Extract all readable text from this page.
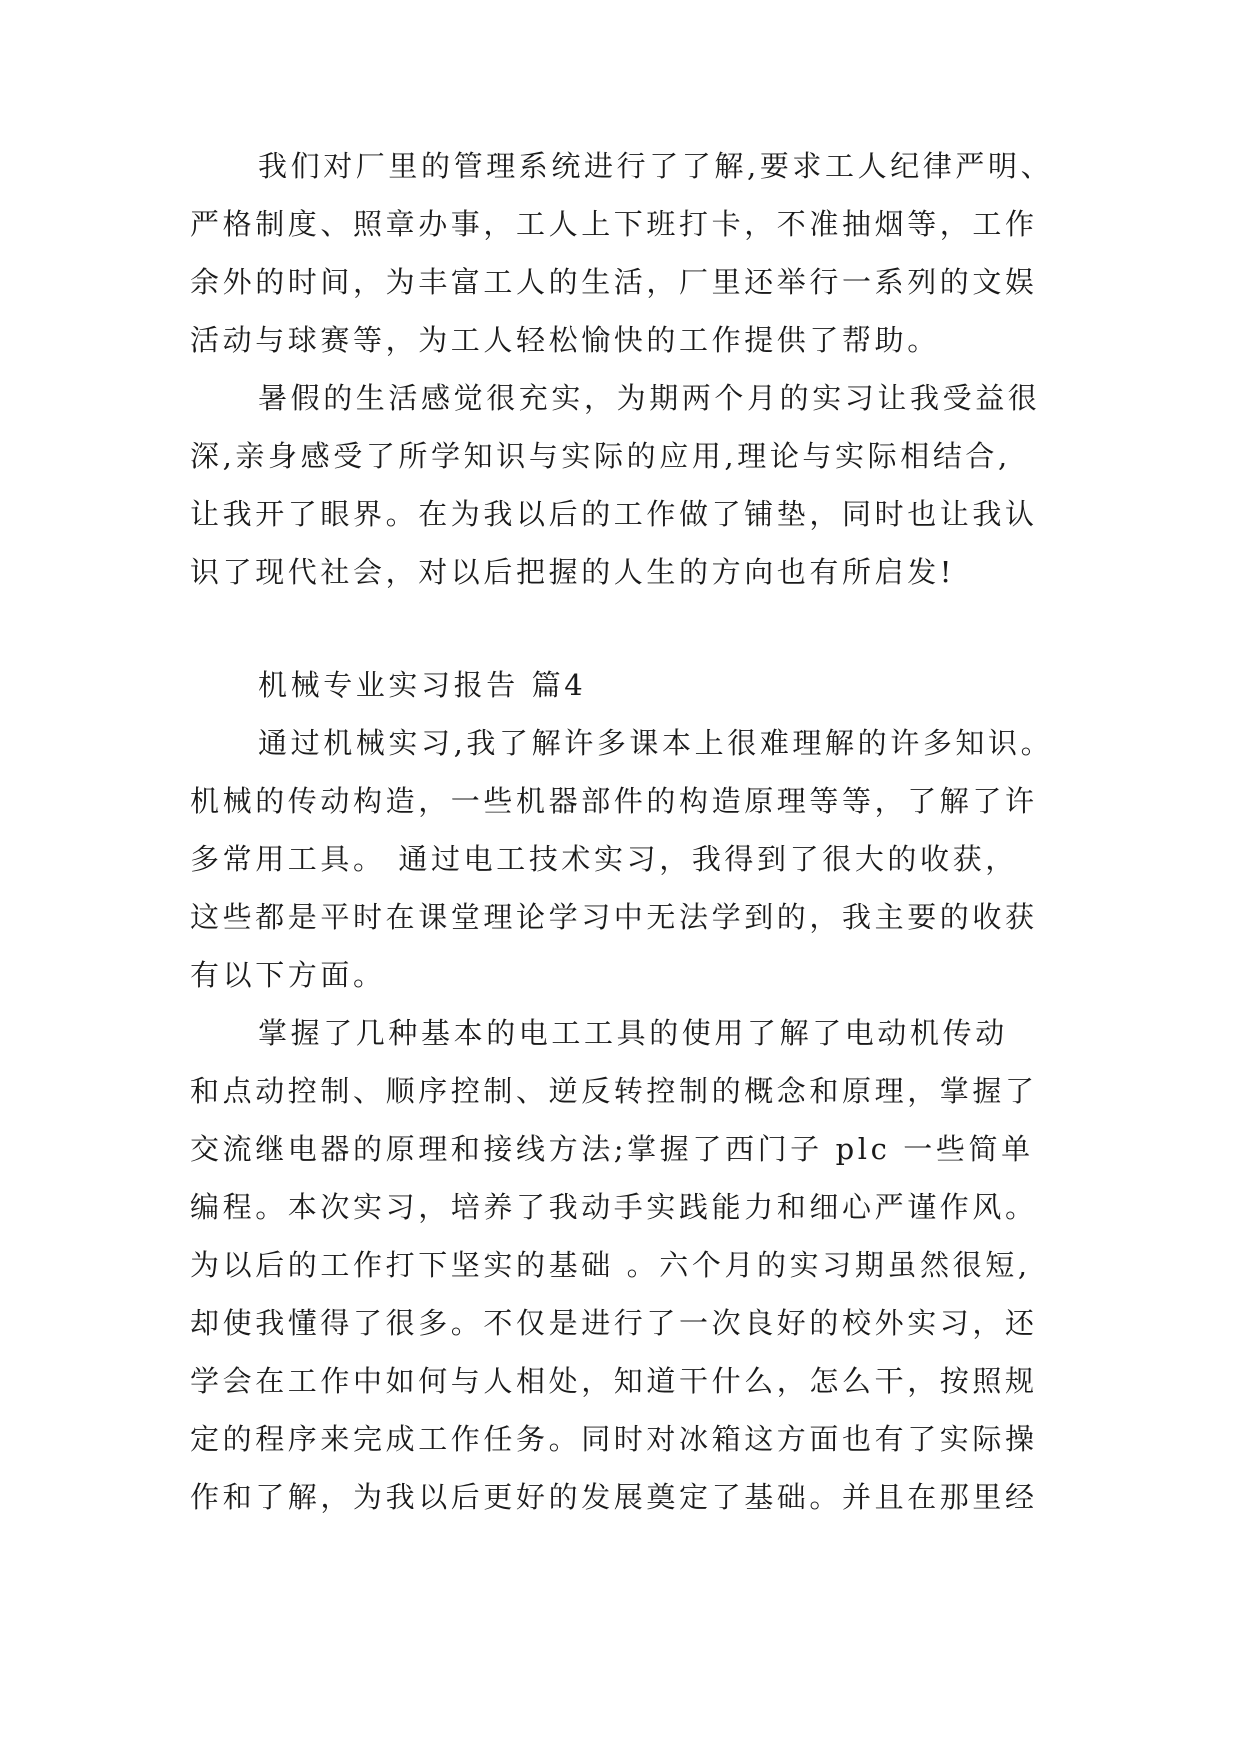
我们对厂里的管理系统进行了了解,要求工人纪律严明、
严格制度、照章办事，工人上下班打卡，不准抽烟等，工作
余外的时间，为丰富工人的生活，厂里还举行一系列的文娱
活动与球赛等，为工人轻松愉快的工作提供了帮助。
暑假的生活感觉很充实，为期两个月的实习让我受益很
深,亲身感受了所学知识与实际的应用,理论与实际相结合,
让我开了眼界。在为我以后的工作做了铺垫，同时也让我认
识了现代社会，对以后把握的人生的方向也有所启发!
机械专业实习报告 篇4
通过机械实习,我了解许多课本上很难理解的许多知识。
机械的传动构造，一些机器部件的构造原理等等，了解了许
多常用工具。 通过电工技术实习，我得到了很大的收获，
这些都是平时在课堂理论学习中无法学到的，我主要的收获
有以下方面。
掌握了几种基本的电工工具的使用了解了电动机传动
和点动控制、顺序控制、逆反转控制的概念和原理，掌握了
交流继电器的原理和接线方法;掌握了西门子 plc 一些简单
编程。本次实习，培养了我动手实践能力和细心严谨作风。
为以后的工作打下坚实的基础 。六个月的实习期虽然很短,
却使我懂得了很多。不仅是进行了一次良好的校外实习，还
学会在工作中如何与人相处，知道干什么，怎么干，按照规
定的程序来完成工作任务。同时对冰箱这方面也有了实际操
作和了解，为我以后更好的发展奠定了基础。并且在那里经
